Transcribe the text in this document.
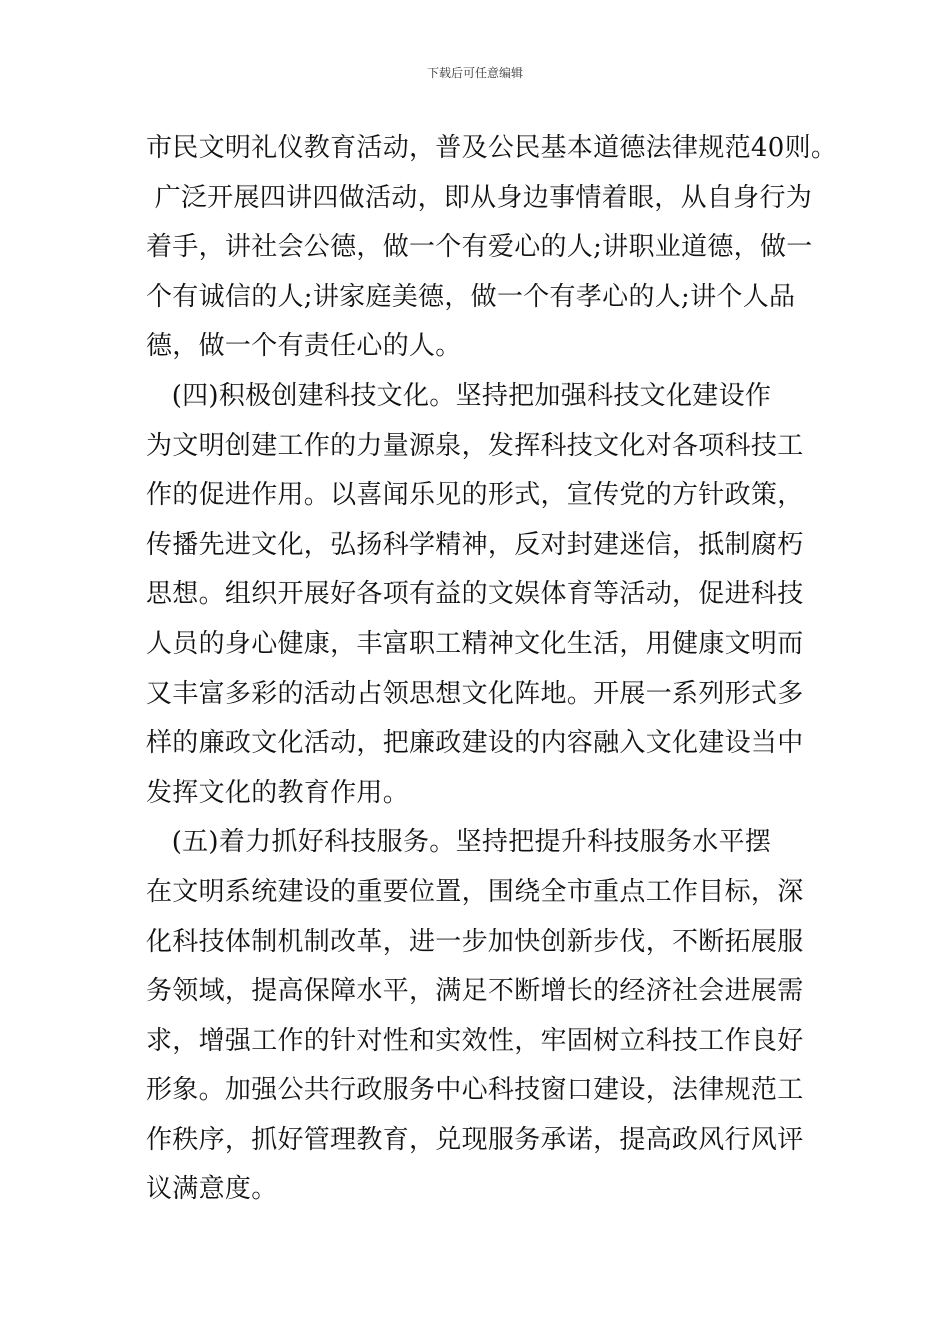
下载后可任意编辑
市民文明礼仪教育活动，普及公民基本道德法律规范40则。
广泛开展四讲四做活动，即从身边事情着眼，从自身行为
着手，讲社会公德，做一个有爱心的人;讲职业道德，做一
个有诚信的人;讲家庭美德，做一个有孝心的人;讲个人品
德，做一个有责任心的人。
(四)积极创建科技文化。坚持把加强科技文化建设作
为文明创建工作的力量源泉，发挥科技文化对各项科技工
作的促进作用。以喜闻乐见的形式，宣传党的方针政策，
传播先进文化，弘扬科学精神，反对封建迷信，抵制腐朽
思想。组织开展好各项有益的文娱体育等活动，促进科技
人员的身心健康，丰富职工精神文化生活，用健康文明而
又丰富多彩的活动占领思想文化阵地。开展一系列形式多
样的廉政文化活动，把廉政建设的内容融入文化建设当中
发挥文化的教育作用。
(五)着力抓好科技服务。坚持把提升科技服务水平摆
在文明系统建设的重要位置，围绕全市重点工作目标，深
化科技体制机制改革，进一步加快创新步伐，不断拓展服
务领域，提高保障水平，满足不断增长的经济社会进展需
求，增强工作的针对性和实效性，牢固树立科技工作良好
形象。加强公共行政服务中心科技窗口建设，法律规范工
作秩序，抓好管理教育，兑现服务承诺，提高政风行风评
议满意度。
